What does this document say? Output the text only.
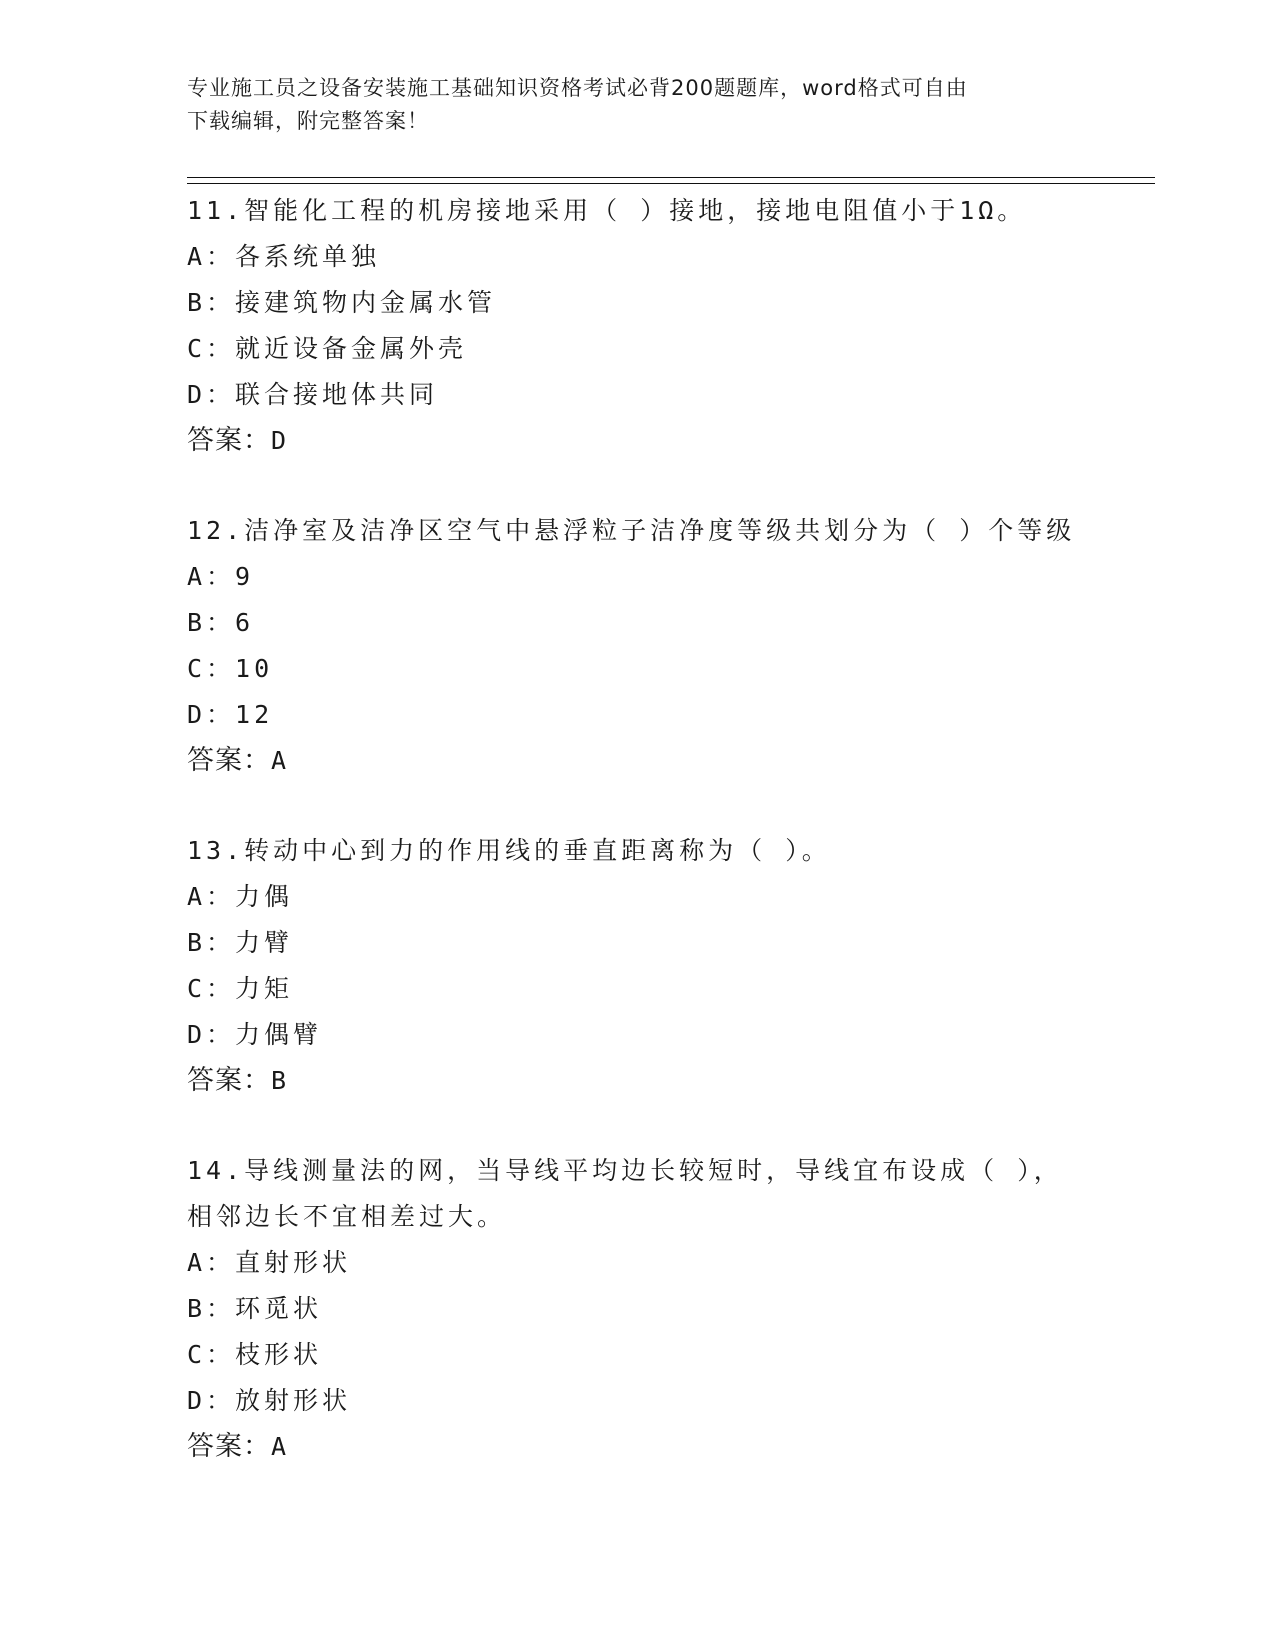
专业施工员之设备安装施工基础知识资格考试必背200题题库，word格式可自由
下载编辑，附完整答案！
11.智能化工程的机房接地采用（ ）接地，接地电阻值小于1Ω。
A：各系统单独
B：接建筑物内金属水管
C：就近设备金属外壳
D：联合接地体共同
答案：D
12.洁净室及洁净区空气中悬浮粒子洁净度等级共划分为（ ）个等级
A：9
B：6
C：10
D：12
答案：A
13.转动中心到力的作用线的垂直距离称为（ ）。
A：力偶
B：力臂
C：力矩
D：力偶臂
答案：B
14.导线测量法的网，当导线平均边长较短时，导线宜布设成（ ），
相邻边长不宜相差过大。
A：直射形状
B：环觅状
C：枝形状
D：放射形状
答案：A
